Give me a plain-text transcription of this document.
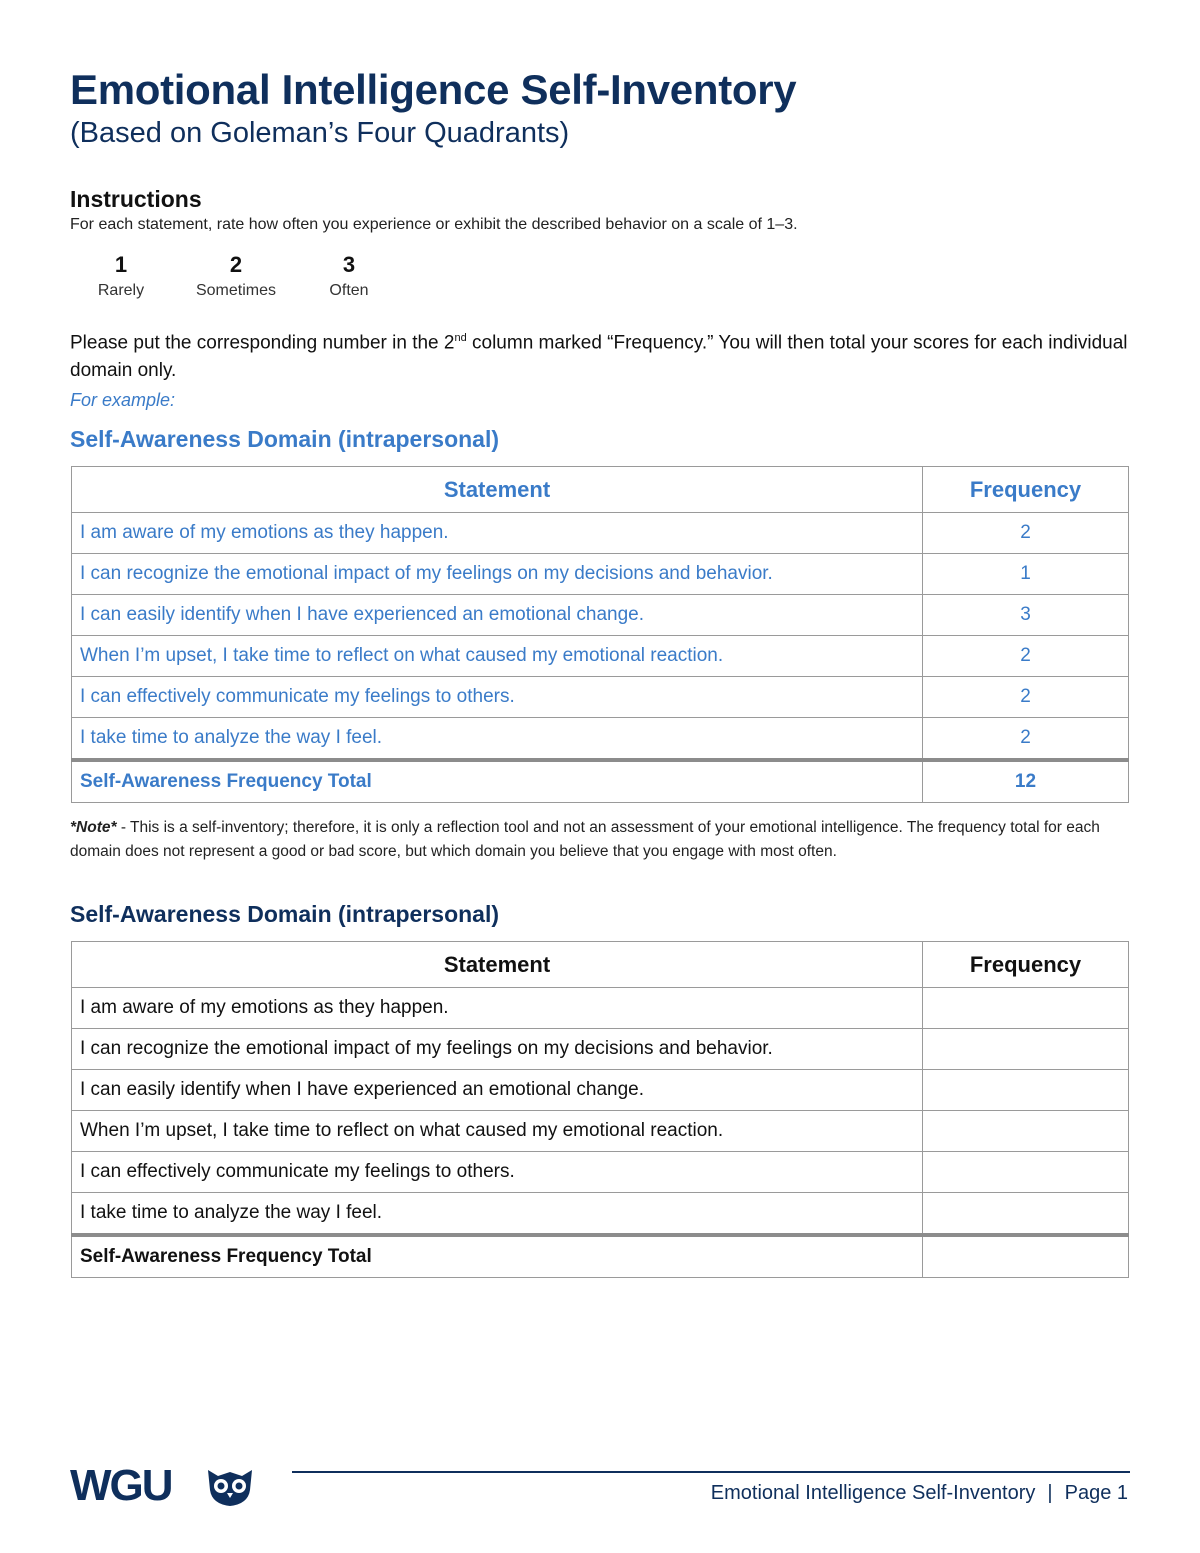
Emotional Intelligence Self-Inventory
(Based on Goleman’s Four Quadrants)
Instructions
For each statement, rate how often you experience or exhibit the described behavior on a scale of 1–3.
1
Rarely
2
Sometimes
3
Often
Please put the corresponding number in the 2nd column marked “Frequency.” You will then total your scores for each individual domain only.
For example:
Self-Awareness Domain (intrapersonal)
Statement	Frequency
I am aware of my emotions as they happen.	2
I can recognize the emotional impact of my feelings on my decisions and behavior.	1
I can easily identify when I have experienced an emotional change.	3
When I’m upset, I take time to reflect on what caused my emotional reaction.	2
I can effectively communicate my feelings to others.	2
I take time to analyze the way I feel.	2
Self-Awareness Frequency Total	12
*Note* - This is a self-inventory; therefore, it is only a reflection tool and not an assessment of your emotional intelligence. The frequency total for each domain does not represent a good or bad score, but which domain you believe that you engage with most often.
Self-Awareness Domain (intrapersonal)
Statement	Frequency
I am aware of my emotions as they happen.	
I can recognize the emotional impact of my feelings on my decisions and behavior.	
I can easily identify when I have experienced an emotional change.	
When I’m upset, I take time to reflect on what caused my emotional reaction.	
I can effectively communicate my feelings to others.	
I take time to analyze the way I feel.	
Self-Awareness Frequency Total	
WGU	Emotional Intelligence Self-Inventory | Page 1
